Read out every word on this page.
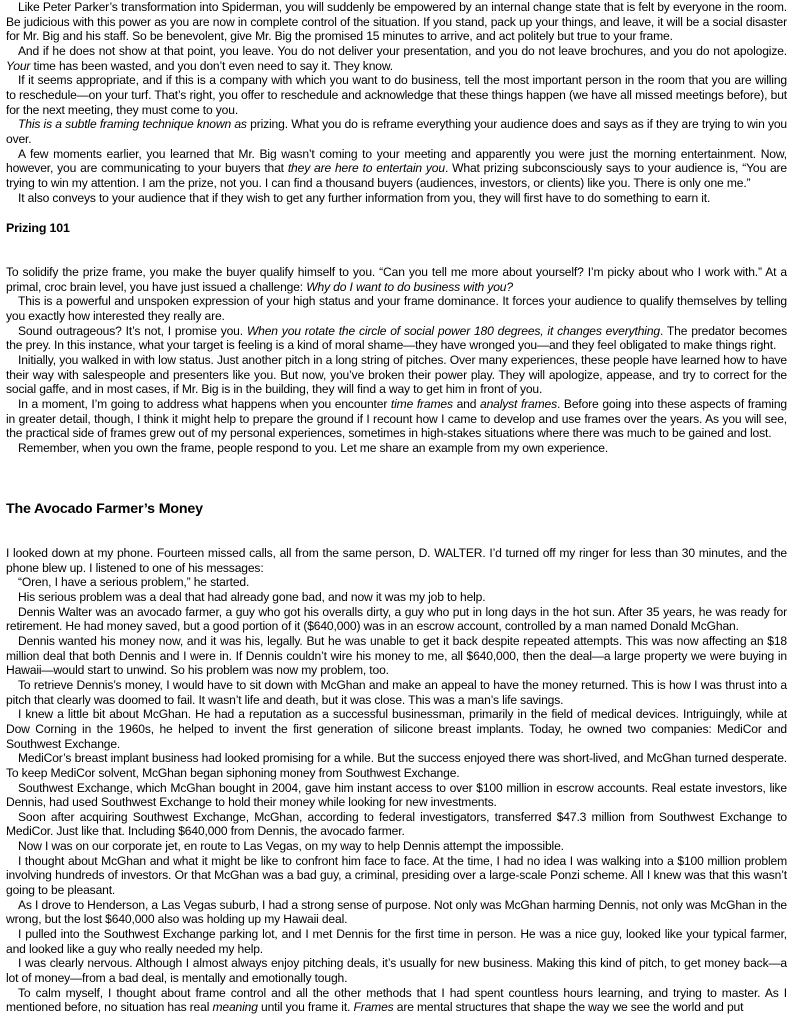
Like Peter Parker’s transformation into Spiderman, you will suddenly be empowered by an internal change state that is felt by everyone in the room. Be judicious with this power as you are now in complete control of the situation. If you stand, pack up your things, and leave, it will be a social disaster for Mr. Big and his staff. So be benevolent, give Mr. Big the promised 15 minutes to arrive, and act politely but true to your frame.

And if he does not show at that point, you leave. You do not deliver your presentation, and you do not leave brochures, and you do not apologize. Your time has been wasted, and you don’t even need to say it. They know.

If it seems appropriate, and if this is a company with which you want to do business, tell the most important person in the room that you are willing to reschedule—on your turf. That’s right, you offer to reschedule and acknowledge that these things happen (we have all missed meetings before), but for the next meeting, they must come to you.

This is a subtle framing technique known as prizing. What you do is reframe everything your audience does and says as if they are trying to win you over.

A few moments earlier, you learned that Mr. Big wasn’t coming to your meeting and apparently you were just the morning entertainment. Now, however, you are communicating to your buyers that they are here to entertain you. What prizing subconsciously says to your audience is, “You are trying to win my attention. I am the prize, not you. I can find a thousand buyers (audiences, investors, or clients) like you. There is only one me.”

It also conveys to your audience that if they wish to get any further information from you, they will first have to do something to earn it.

Prizing 101

To solidify the prize frame, you make the buyer qualify himself to you. “Can you tell me more about yourself? I’m picky about who I work with.” At a primal, croc brain level, you have just issued a challenge: Why do I want to do business with you?

This is a powerful and unspoken expression of your high status and your frame dominance. It forces your audience to qualify themselves by telling you exactly how interested they really are.

Sound outrageous? It’s not, I promise you. When you rotate the circle of social power 180 degrees, it changes everything. The predator becomes the prey. In this instance, what your target is feeling is a kind of moral shame—they have wronged you—and they feel obligated to make things right.

Initially, you walked in with low status. Just another pitch in a long string of pitches. Over many experiences, these people have learned how to have their way with salespeople and presenters like you. But now, you’ve broken their power play. They will apologize, appease, and try to correct for the social gaffe, and in most cases, if Mr. Big is in the building, they will find a way to get him in front of you.

In a moment, I’m going to address what happens when you encounter time frames and analyst frames. Before going into these aspects of framing in greater detail, though, I think it might help to prepare the ground if I recount how I came to develop and use frames over the years. As you will see, the practical side of frames grew out of my personal experiences, sometimes in high-stakes situations where there was much to be gained and lost.

Remember, when you own the frame, people respond to you. Let me share an example from my own experience.

The Avocado Farmer’s Money

I looked down at my phone. Fourteen missed calls, all from the same person, D. WALTER. I’d turned off my ringer for less than 30 minutes, and the phone blew up. I listened to one of his messages:

“Oren, I have a serious problem,” he started.

His serious problem was a deal that had already gone bad, and now it was my job to help.

Dennis Walter was an avocado farmer, a guy who got his overalls dirty, a guy who put in long days in the hot sun. After 35 years, he was ready for retirement. He had money saved, but a good portion of it ($640,000) was in an escrow account, controlled by a man named Donald McGhan.

Dennis wanted his money now, and it was his, legally. But he was unable to get it back despite repeated attempts. This was now affecting an $18 million deal that both Dennis and I were in. If Dennis couldn’t wire his money to me, all $640,000, then the deal—a large property we were buying in Hawaii—would start to unwind. So his problem was now my problem, too.

To retrieve Dennis’s money, I would have to sit down with McGhan and make an appeal to have the money returned. This is how I was thrust into a pitch that clearly was doomed to fail. It wasn’t life and death, but it was close. This was a man’s life savings.

I knew a little bit about McGhan. He had a reputation as a successful businessman, primarily in the field of medical devices. Intriguingly, while at Dow Corning in the 1960s, he helped to invent the first generation of silicone breast implants. Today, he owned two companies: MediCor and Southwest Exchange.

MediCor’s breast implant business had looked promising for a while. But the success enjoyed there was short-lived, and McGhan turned desperate. To keep MediCor solvent, McGhan began siphoning money from Southwest Exchange.

Southwest Exchange, which McGhan bought in 2004, gave him instant access to over $100 million in escrow accounts. Real estate investors, like Dennis, had used Southwest Exchange to hold their money while looking for new investments.

Soon after acquiring Southwest Exchange, McGhan, according to federal investigators, transferred $47.3 million from Southwest Exchange to MediCor. Just like that. Including $640,000 from Dennis, the avocado farmer.

Now I was on our corporate jet, en route to Las Vegas, on my way to help Dennis attempt the impossible.

I thought about McGhan and what it might be like to confront him face to face. At the time, I had no idea I was walking into a $100 million problem involving hundreds of investors. Or that McGhan was a bad guy, a criminal, presiding over a large-scale Ponzi scheme. All I knew was that this wasn’t going to be pleasant.

As I drove to Henderson, a Las Vegas suburb, I had a strong sense of purpose. Not only was McGhan harming Dennis, not only was McGhan in the wrong, but the lost $640,000 also was holding up my Hawaii deal.

I pulled into the Southwest Exchange parking lot, and I met Dennis for the first time in person. He was a nice guy, looked like your typical farmer, and looked like a guy who really needed my help.

I was clearly nervous. Although I almost always enjoy pitching deals, it’s usually for new business. Making this kind of pitch, to get money back—a lot of money—from a bad deal, is mentally and emotionally tough.

To calm myself, I thought about frame control and all the other methods that I had spent countless hours learning, and trying to master. As I mentioned before, no situation has real meaning until you frame it. Frames are mental structures that shape the way we see the world and put
